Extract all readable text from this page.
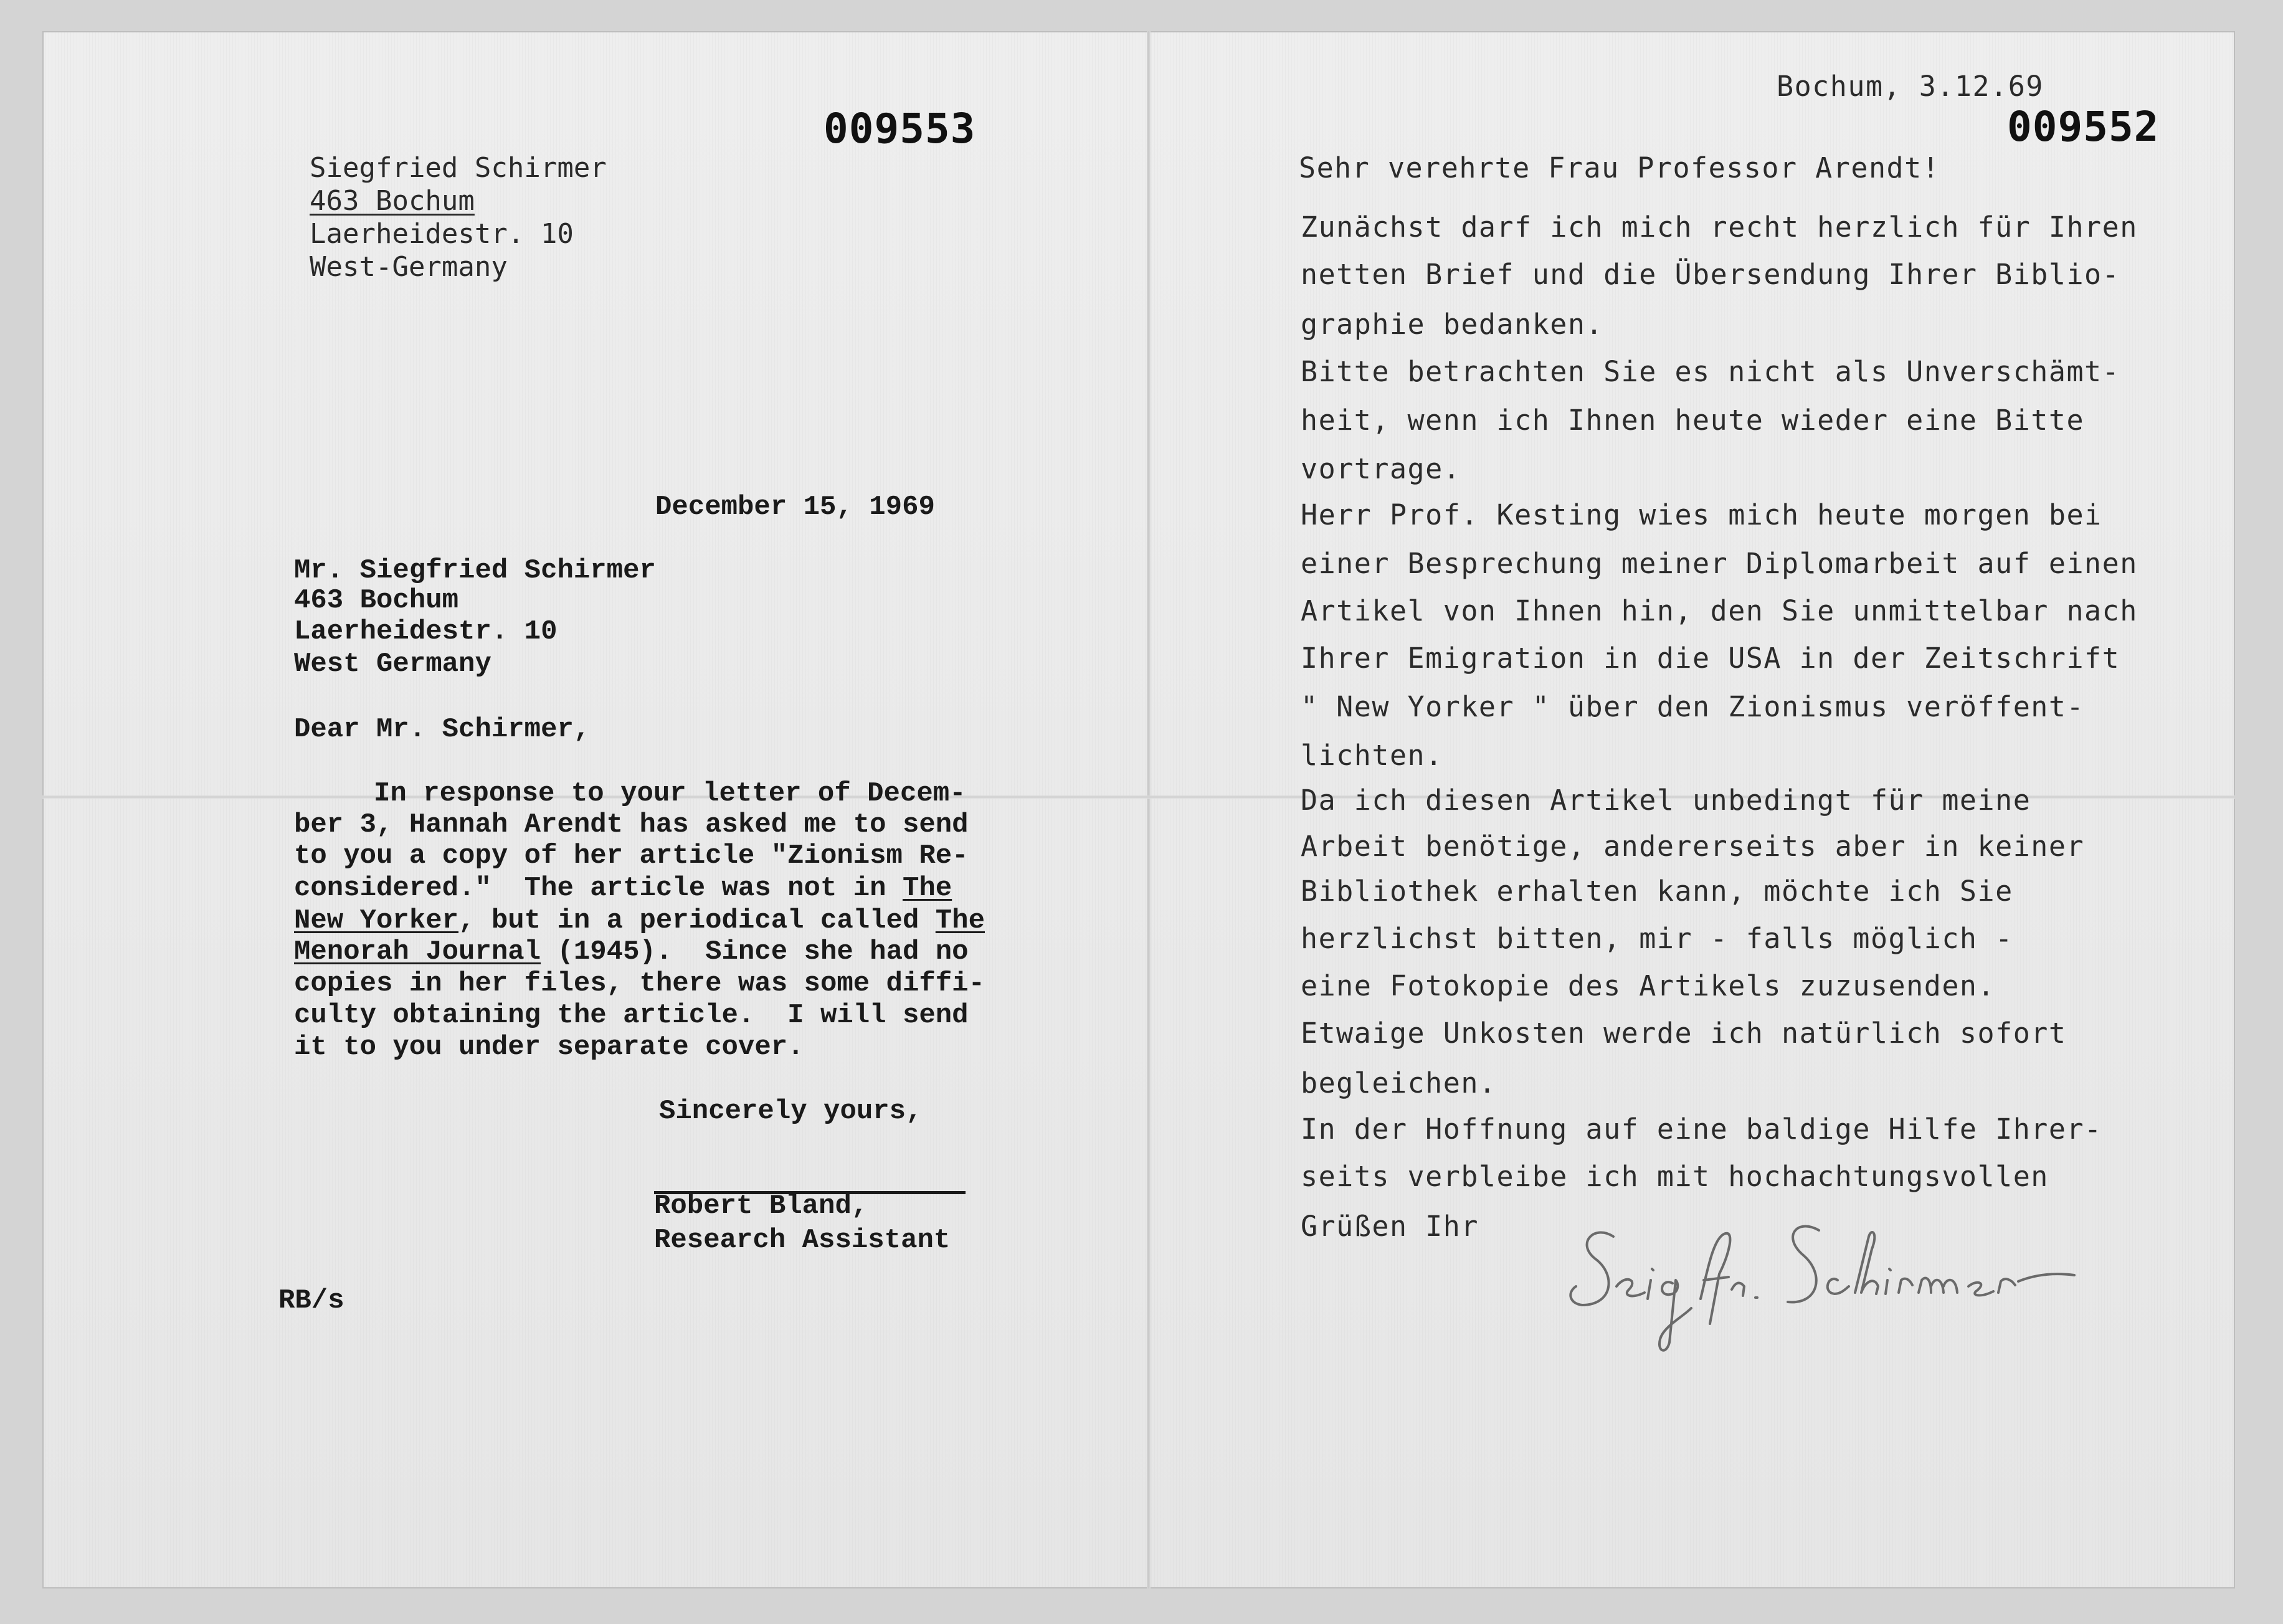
009553
Siegfried Schirmer
463 Bochum
Laerheidestr. 10
West-Germany
December 15, 1969
Mr. Siegfried Schirmer
463 Bochum
Laerheidestr. 10
West Germany
Dear Mr. Schirmer,
In response to your letter of Decem-
ber 3, Hannah Arendt has asked me to send
to you a copy of her article "Zionism Re-
considered."  The article was not in The
New Yorker, but in a periodical called The
Menorah Journal (1945).  Since she had no
copies in her files, there was some diffi-
culty obtaining the article.  I will send
it to you under separate cover.
Sincerely yours,
Robert Bland,
Research Assistant
RB/s
Bochum, 3.12.69
009552
Sehr verehrte Frau Professor Arendt!
Zunächst darf ich mich recht herzlich für Ihren
netten Brief und die Übersendung Ihrer Biblio-
graphie bedanken.
Bitte betrachten Sie es nicht als Unverschämt-
heit, wenn ich Ihnen heute wieder eine Bitte
vortrage.
Herr Prof. Kesting wies mich heute morgen bei
einer Besprechung meiner Diplomarbeit auf einen
Artikel von Ihnen hin, den Sie unmittelbar nach
Ihrer Emigration in die USA in der Zeitschrift
" New Yorker " über den Zionismus veröffent-
lichten.
Da ich diesen Artikel unbedingt für meine
Arbeit benötige, andererseits aber in keiner
Bibliothek erhalten kann, möchte ich Sie
herzlichst bitten, mir - falls möglich -
eine Fotokopie des Artikels zuzusenden.
Etwaige Unkosten werde ich natürlich sofort
begleichen.
In der Hoffnung auf eine baldige Hilfe Ihrer-
seits verbleibe ich mit hochachtungsvollen
Grüßen Ihr
